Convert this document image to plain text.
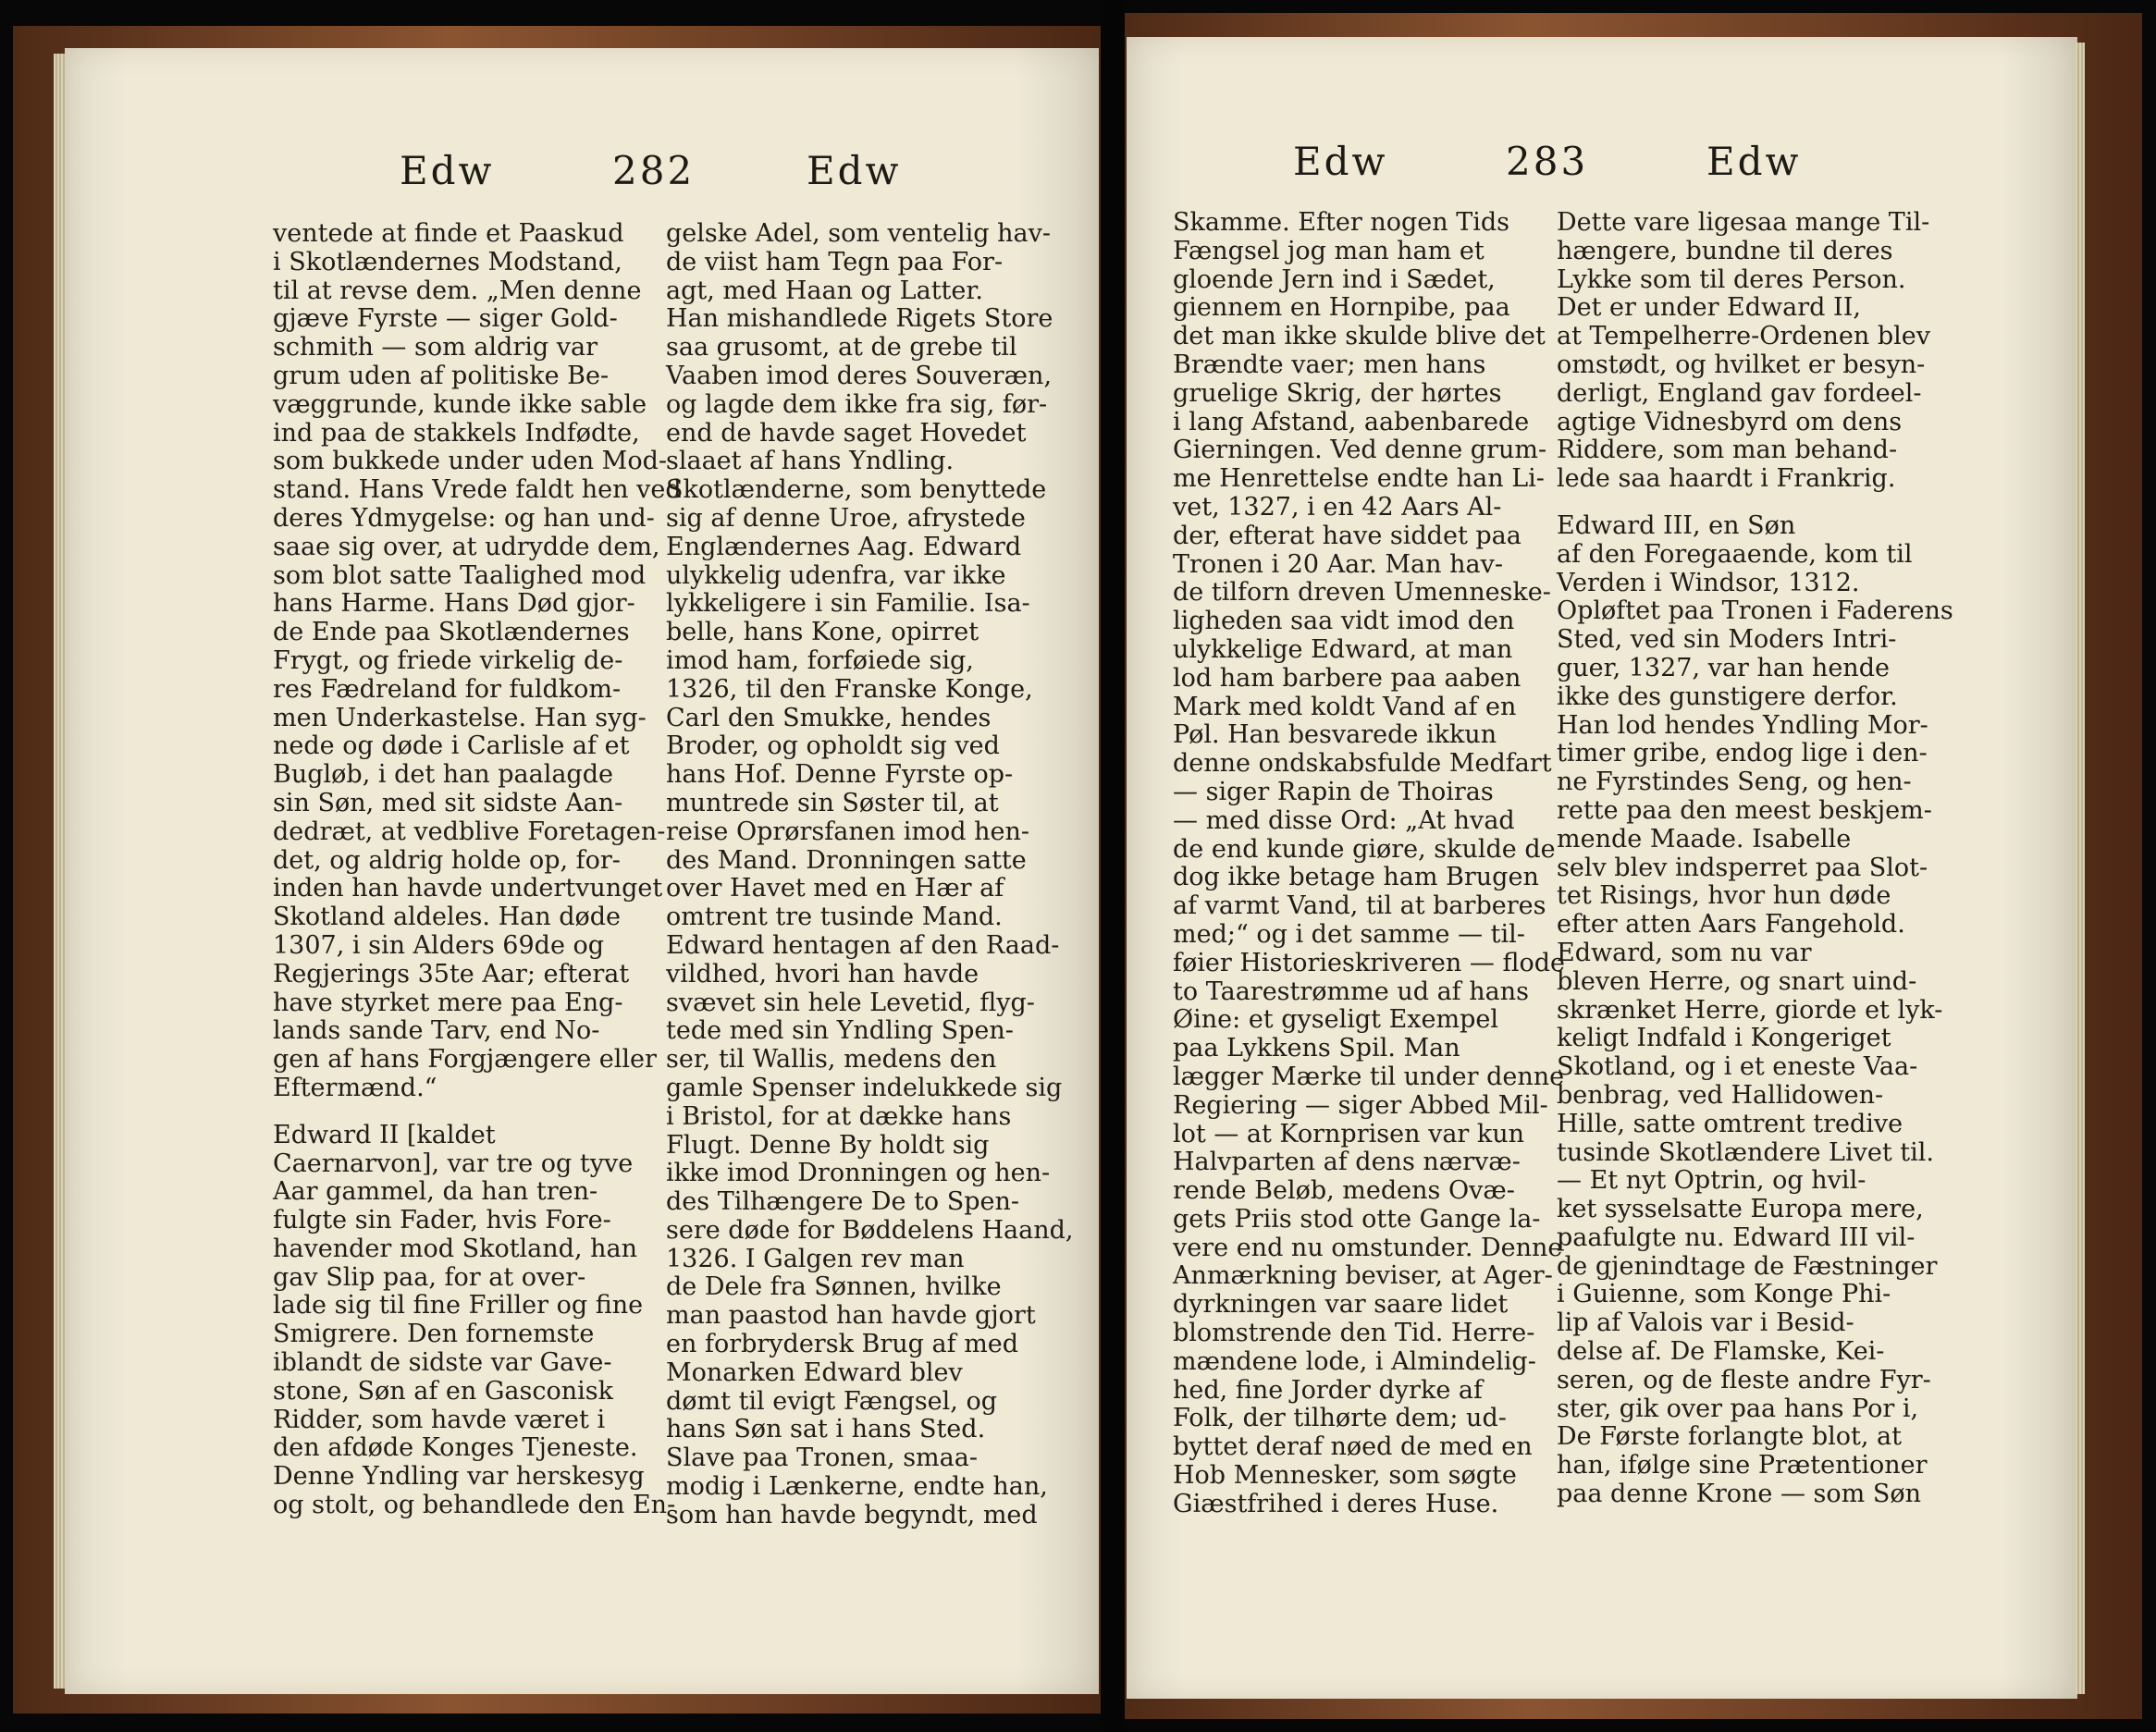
Edw	282	Edw	Edw	283	Edw
ventede at finde et Paaskud
i Skotlændernes Modstand,
til at revse dem. „Men denne
gjæve Fyrste — siger Gold-
schmith — som aldrig var
grum uden af politiske Be-
væggrunde, kunde ikke sable
ind paa de stakkels Indfødte,
som bukkede under uden Mod-
stand. Hans Vrede faldt hen ved
deres Ydmygelse: og han und-
saae sig over, at udrydde dem,
som blot satte Taalighed mod
hans Harme. Hans Død gjor-
de Ende paa Skotlændernes
Frygt, og friede virkelig de-
res Fædreland for fuldkom-
men Underkastelse. Han syg-
nede og døde i Carlisle af et
Bugløb, i det han paalagde
sin Søn, med sit sidste Aan-
dedræt, at vedblive Foretagen-
det, og aldrig holde op, for-
inden han havde undertvunget
Skotland aldeles. Han døde
1307, i sin Alders 69de og
Regjerings 35te Aar; efterat
have styrket mere paa Eng-
lands sande Tarv, end No-
gen af hans Forgjængere eller
Eftermænd.“
Edward II [kaldet
Caernarvon], var tre og tyve
Aar gammel, da han tren-
fulgte sin Fader, hvis Fore-
havender mod Skotland, han
gav Slip paa, for at over-
lade sig til fine Friller og fine
Smigrere. Den fornemste
iblandt de sidste var Gave-
stone, Søn af en Gasconisk
Ridder, som havde været i
den afdøde Konges Tjeneste.
Denne Yndling var herskesyg
og stolt, og behandlede den En-
gelske Adel, som ventelig hav-
de viist ham Tegn paa For-
agt, med Haan og Latter.
Han mishandlede Rigets Store
saa grusomt, at de grebe til
Vaaben imod deres Souveræn,
og lagde dem ikke fra sig, før-
end de havde saget Hovedet
slaaet af hans Yndling.
Skotlænderne, som benyttede
sig af denne Uroe, afrystede
Englændernes Aag. Edward
ulykkelig udenfra, var ikke
lykkeligere i sin Familie. Isa-
belle, hans Kone, opirret
imod ham, forføiede sig,
1326, til den Franske Konge,
Carl den Smukke, hendes
Broder, og opholdt sig ved
hans Hof. Denne Fyrste op-
muntrede sin Søster til, at
reise Oprørsfanen imod hen-
des Mand. Dronningen satte
over Havet med en Hær af
omtrent tre tusinde Mand.
Edward hentagen af den Raad-
vildhed, hvori han havde
svævet sin hele Levetid, flyg-
tede med sin Yndling Spen-
ser, til Wallis, medens den
gamle Spenser indelukkede sig
i Bristol, for at dække hans
Flugt. Denne By holdt sig
ikke imod Dronningen og hen-
des Tilhængere De to Spen-
sere døde for Bøddelens Haand,
1326. I Galgen rev man
de Dele fra Sønnen, hvilke
man paastod han havde gjort
en forbrydersk Brug af med
Monarken Edward blev
dømt til evigt Fængsel, og
hans Søn sat i hans Sted.
Slave paa Tronen, smaa-
modig i Lænkerne, endte han,
som han havde begyndt, med
Skamme. Efter nogen Tids
Fængsel jog man ham et
gloende Jern ind i Sædet,
giennem en Hornpibe, paa
det man ikke skulde blive det
Brændte vaer; men hans
gruelige Skrig, der hørtes
i lang Afstand, aabenbarede
Gierningen. Ved denne grum-
me Henrettelse endte han Li-
vet, 1327, i en 42 Aars Al-
der, efterat have siddet paa
Tronen i 20 Aar. Man hav-
de tilforn dreven Umenneske-
ligheden saa vidt imod den
ulykkelige Edward, at man
lod ham barbere paa aaben
Mark med koldt Vand af en
Pøl. Han besvarede ikkun
denne ondskabsfulde Medfart
— siger Rapin de Thoiras
— med disse Ord: „At hvad
de end kunde giøre, skulde de
dog ikke betage ham Brugen
af varmt Vand, til at barberes
med;“ og i det samme — til-
føier Historieskriveren — flode
to Taarestrømme ud af hans
Øine: et gyseligt Exempel
paa Lykkens Spil. Man
lægger Mærke til under denne
Regiering — siger Abbed Mil-
lot — at Kornprisen var kun
Halvparten af dens nærvæ-
rende Beløb, medens Ovæ-
gets Priis stod otte Gange la-
vere end nu omstunder. Denne
Anmærkning beviser, at Ager-
dyrkningen var saare lidet
blomstrende den Tid. Herre-
mændene lode, i Almindelig-
hed, fine Jorder dyrke af
Folk, der tilhørte dem; ud-
byttet deraf nøed de med en
Hob Mennesker, som søgte
Giæstfrihed i deres Huse.
Dette vare ligesaa mange Til-
hængere, bundne til deres
Lykke som til deres Person.
Det er under Edward II,
at Tempelherre-Ordenen blev
omstødt, og hvilket er besyn-
derligt, England gav fordeel-
agtige Vidnesbyrd om dens
Riddere, som man behand-
lede saa haardt i Frankrig.
Edward III, en Søn
af den Foregaaende, kom til
Verden i Windsor, 1312.
Opløftet paa Tronen i Faderens
Sted, ved sin Moders Intri-
guer, 1327, var han hende
ikke des gunstigere derfor.
Han lod hendes Yndling Mor-
timer gribe, endog lige i den-
ne Fyrstindes Seng, og hen-
rette paa den meest beskjem-
mende Maade. Isabelle
selv blev indsperret paa Slot-
tet Risings, hvor hun døde
efter atten Aars Fangehold.
Edward, som nu var
bleven Herre, og snart uind-
skrænket Herre, giorde et lyk-
keligt Indfald i Kongeriget
Skotland, og i et eneste Vaa-
benbrag, ved Hallidowen-
Hille, satte omtrent tredive
tusinde Skotlændere Livet til.
— Et nyt Optrin, og hvil-
ket sysselsatte Europa mere,
paafulgte nu. Edward III vil-
de gjenindtage de Fæstninger
i Guienne, som Konge Phi-
lip af Valois var i Besid-
delse af. De Flamske, Kei-
seren, og de fleste andre Fyr-
ster, gik over paa hans Por i,
De Første forlangte blot, at
han, ifølge sine Prætentioner
paa denne Krone — som Søn
